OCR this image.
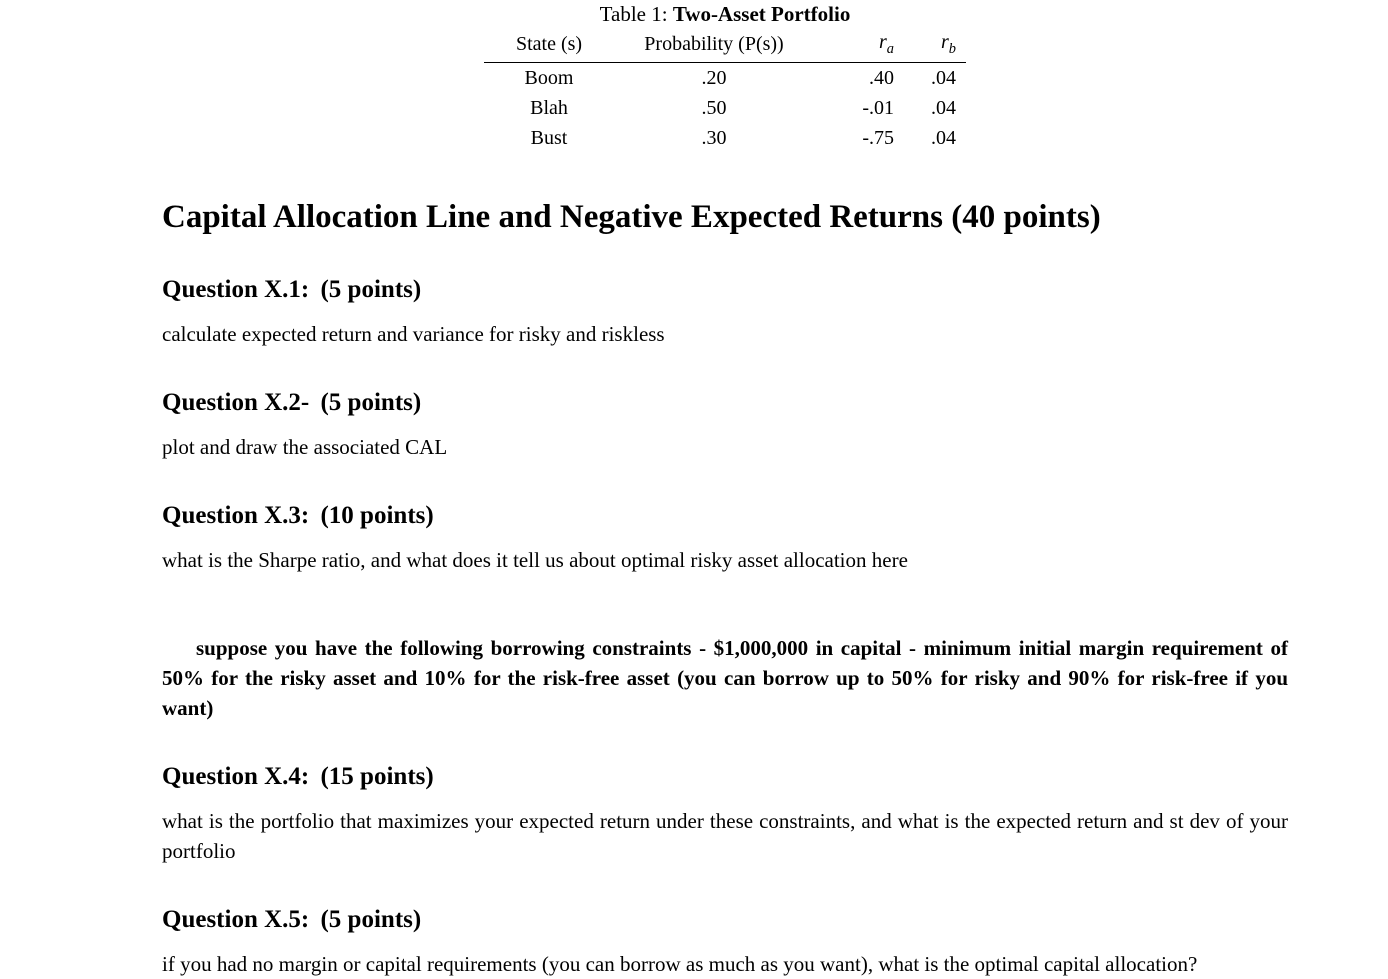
Table 1: Two-Asset Portfolio
State (s)	Probability (P(s))	$r_a$	$r_b$
Boom	.20	.40	.04
Blah	.50	-.01	.04
Bust	.30	-.75	.04
Capital Allocation Line and Negative Expected Returns (40 points)
Question X.1: (5 points)

calculate expected return and variance for risky and riskless

Question X.2- (5 points)

plot and draw the associated CAL

Question X.3: (10 points)

what is the Sharpe ratio, and what does it tell us about optimal risky asset allocation here

suppose you have the following borrowing constraints - $1,000,000 in capital - minimum initial margin requirement of 50% for the risky asset and 10% for the risk-free asset (you can borrow up to 50% for risky and 90% for risk-free if you want)

Question X.4: (15 points)

what is the portfolio that maximizes your expected return under these constraints, and what is the expected return and st dev of your portfolio

Question X.5: (5 points)

if you had no margin or capital requirements (you can borrow as much as you want), what is the optimal capital allocation?
